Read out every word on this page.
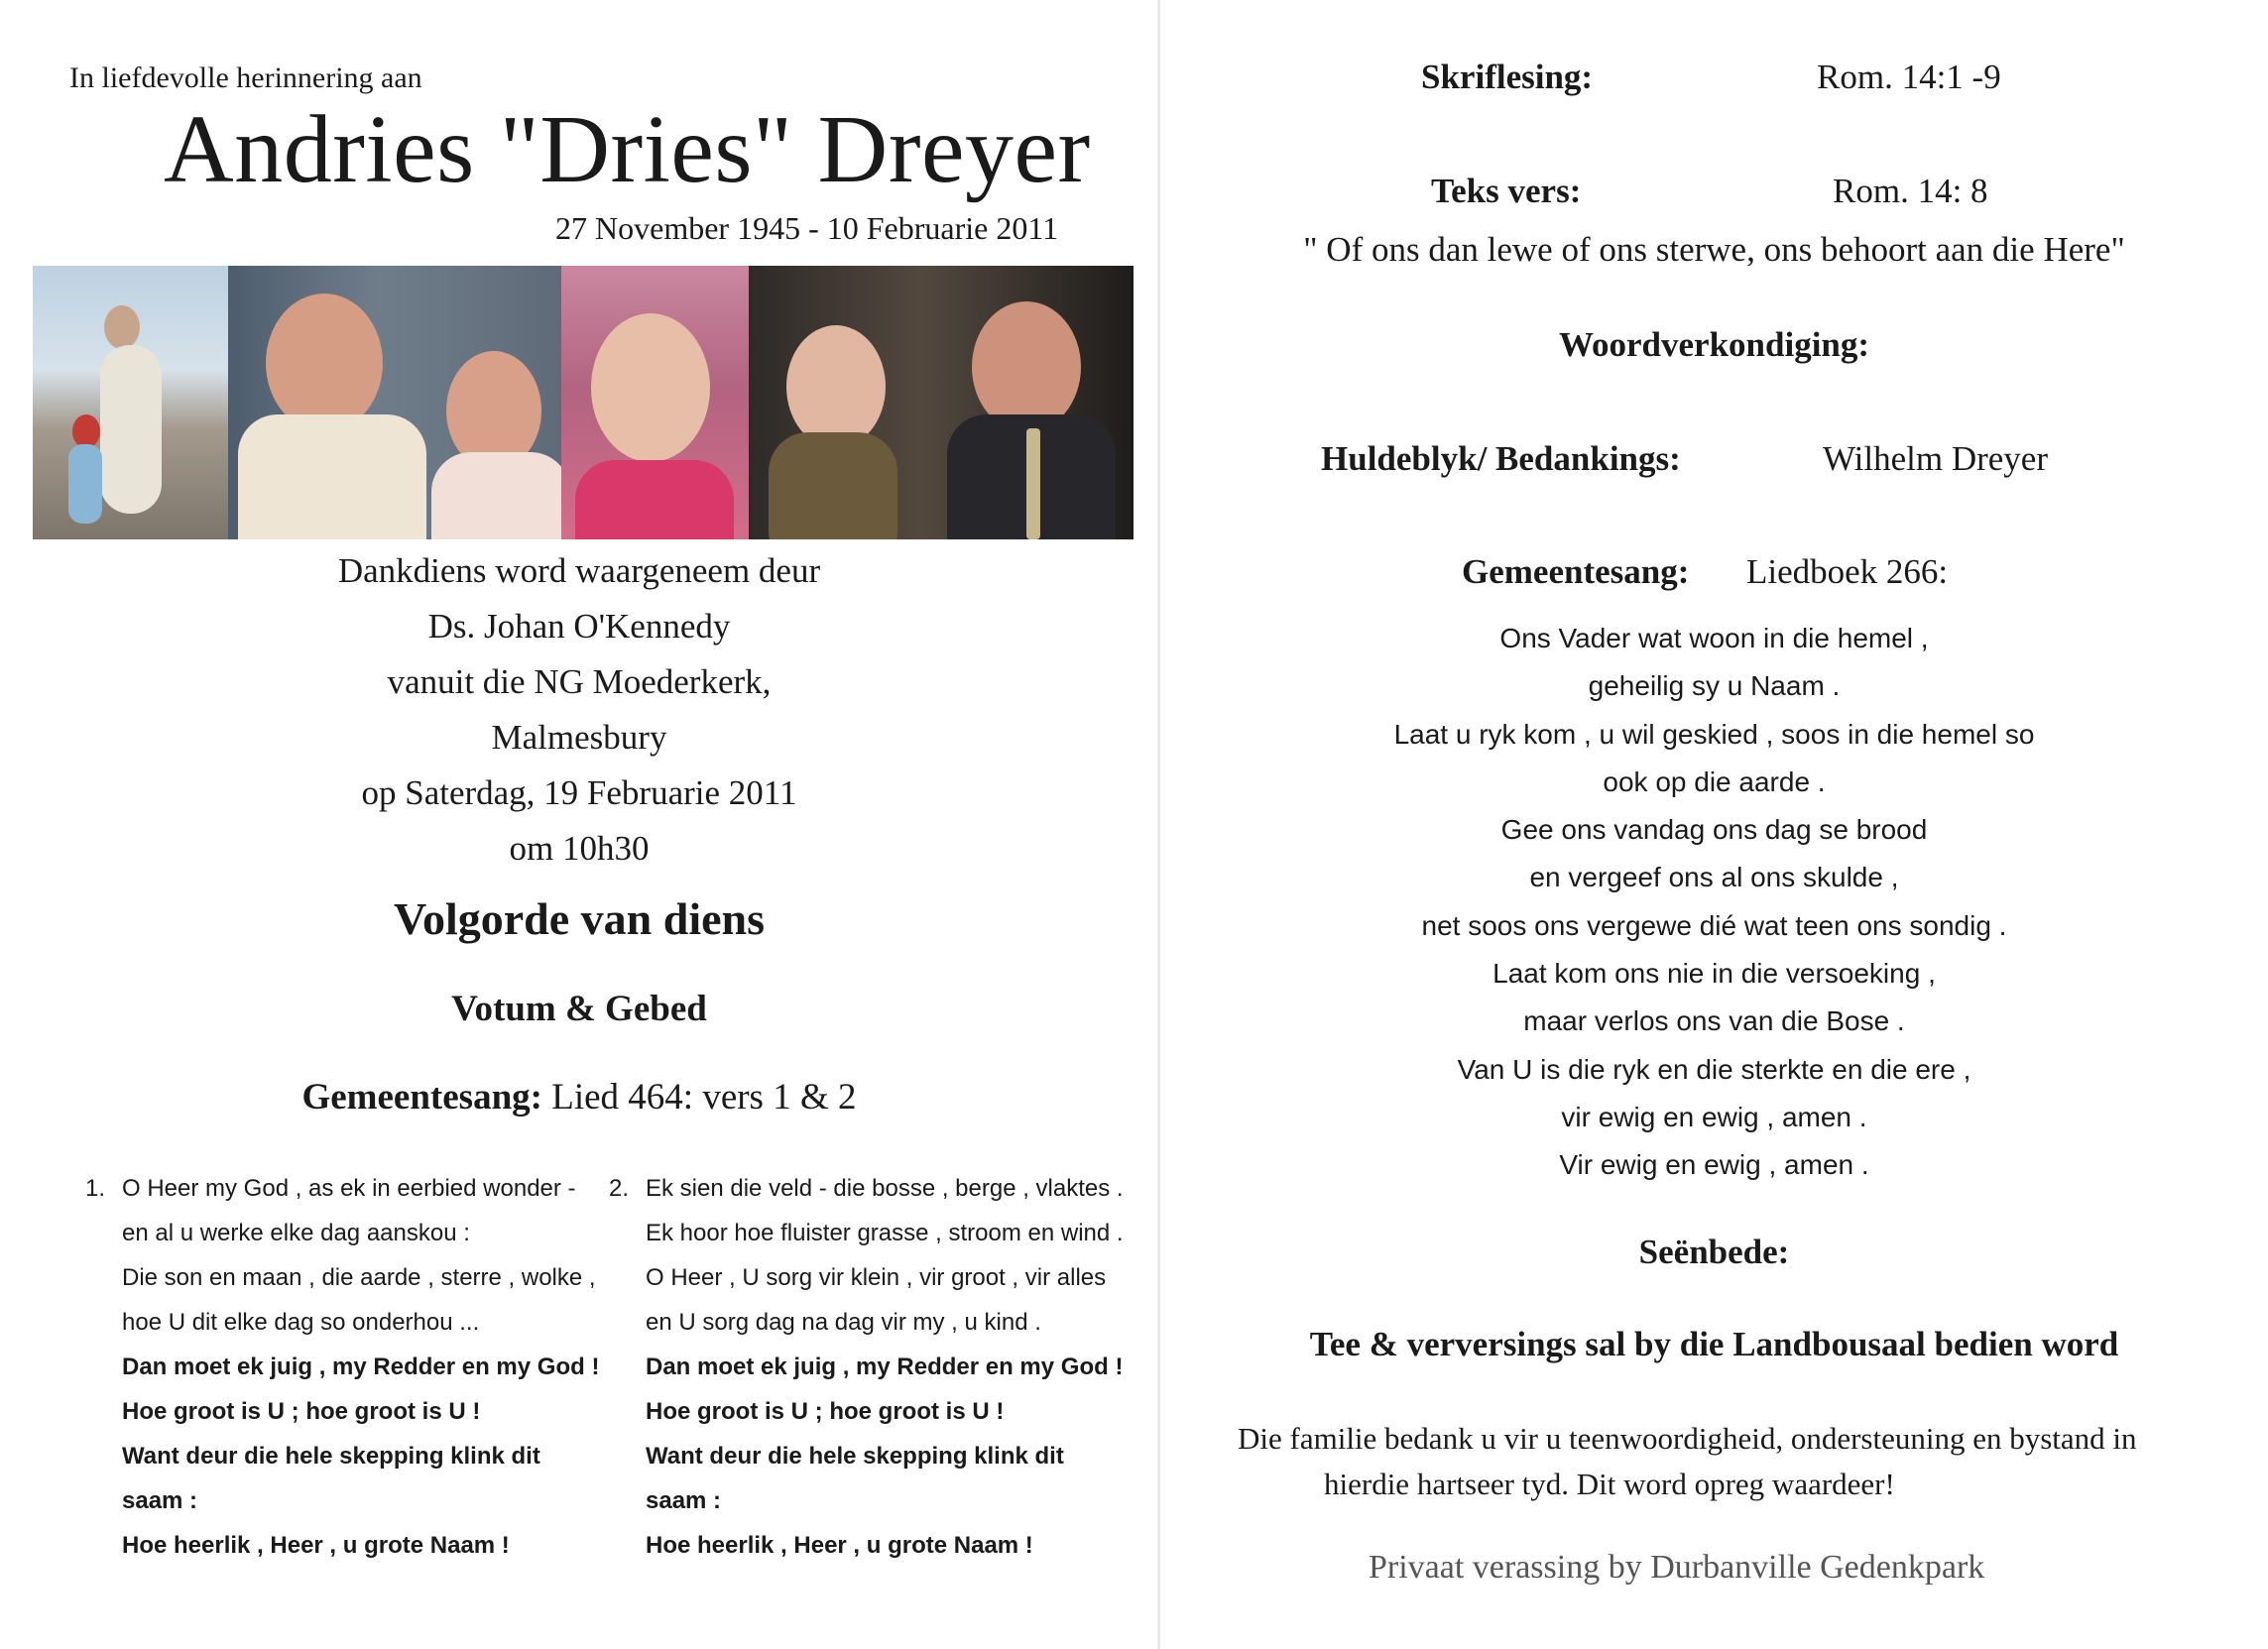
In liefdevolle herinnering aan
Andries "Dries" Dreyer
27 November 1945 - 10 Februarie 2011
Dankdiens word waargeneem deur
Ds. Johan O'Kennedy
vanuit die NG Moederkerk,
Malmesbury
op Saterdag, 19 Februarie 2011
om 10h30
Volgorde van diens
Votum & Gebed
Gemeentesang: Lied 464: vers 1 & 2
1. O Heer my God , as ek in eerbied wonder -
en al u werke elke dag aanskou :
Die son en maan , die aarde , sterre , wolke ,
hoe U dit elke dag so onderhou ...
Dan moet ek juig , my Redder en my God !
Hoe groot is U ; hoe groot is U !
Want deur die hele skepping klink dit
saam :
Hoe heerlik , Heer , u grote Naam !
2. Ek sien die veld - die bosse , berge , vlaktes .
Ek hoor hoe fluister grasse , stroom en wind .
O Heer , U sorg vir klein , vir groot , vir alles
en U sorg dag na dag vir my , u kind .
Dan moet ek juig , my Redder en my God !
Hoe groot is U ; hoe groot is U !
Want deur die hele skepping klink dit
saam :
Hoe heerlik , Heer , u grote Naam !
Skriflesing:	Rom. 14:1 -9
Teks vers:	Rom. 14: 8
" Of ons dan lewe of ons sterwe, ons behoort aan die Here"
Woordverkondiging:
Huldeblyk/ Bedankings:	Wilhelm Dreyer
Gemeentesang: Liedboek 266:
Ons Vader wat woon in die hemel ,
geheilig sy u Naam .
Laat u ryk kom , u wil geskied , soos in die hemel so
ook op die aarde .
Gee ons vandag ons dag se brood
en vergeef ons al ons skulde ,
net soos ons vergewe dié wat teen ons sondig .
Laat kom ons nie in die versoeking ,
maar verlos ons van die Bose .
Van U is die ryk en die sterkte en die ere ,
vir ewig en ewig , amen .
Vir ewig en ewig , amen .
Seënbede:
Tee & verversings sal by die Landbousaal bedien word
Die familie bedank u vir u teenwoordigheid, ondersteuning en bystand in
hierdie hartseer tyd. Dit word opreg waardeer!
Privaat verassing by Durbanville Gedenkpark
